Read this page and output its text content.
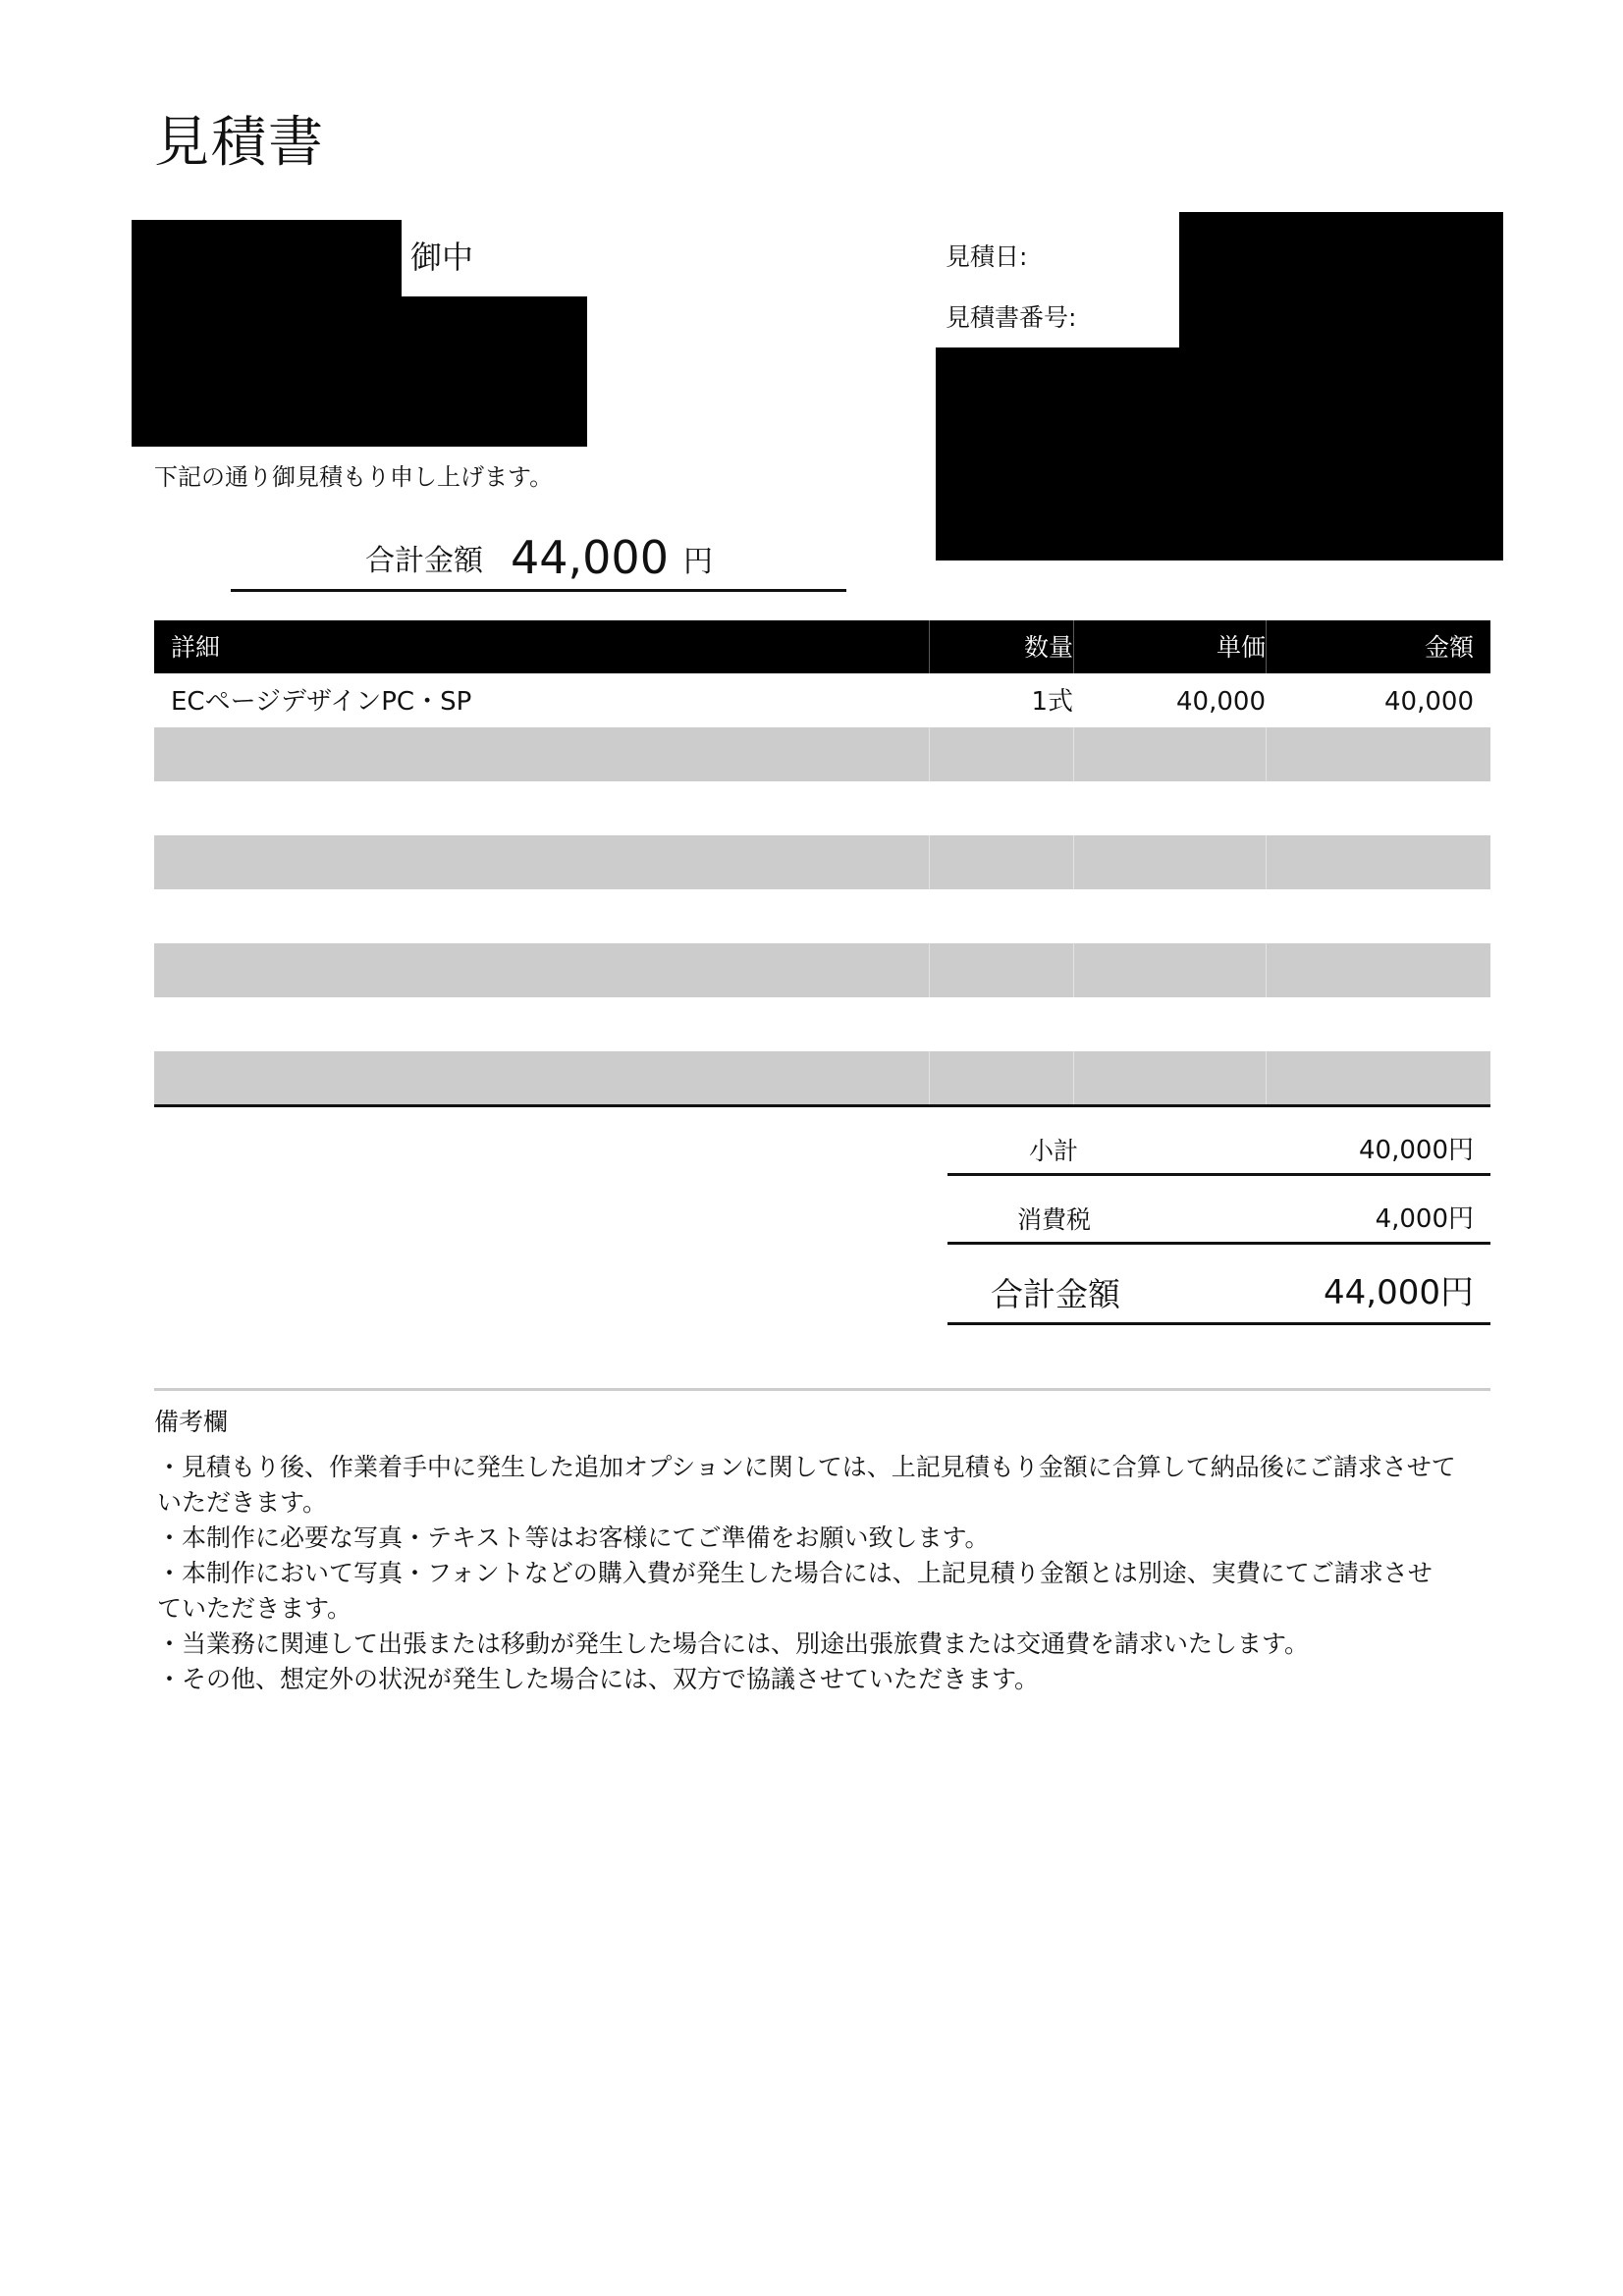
見積書
御中
下記の通り御見積もり申し上げます。
合計金額 44,000 円
見積日:
見積書番号:
詳細	数量	単価	金額
ECページデザインPC・SP	1式	40,000	40,000
小計	40,000円
消費税	4,000円
合計金額	44,000円
備考欄
・見積もり後、作業着手中に発生した追加オプションに関しては、上記見積もり金額に合算して納品後にご請求させて
いただきます。
・本制作に必要な写真・テキスト等はお客様にてご準備をお願い致します。
・本制作において写真・フォントなどの購入費が発生した場合には、上記見積り金額とは別途、実費にてご請求させ
ていただきます。
・当業務に関連して出張または移動が発生した場合には、別途出張旅費または交通費を請求いたします。
・その他、想定外の状況が発生した場合には、双方で協議させていただきます。
